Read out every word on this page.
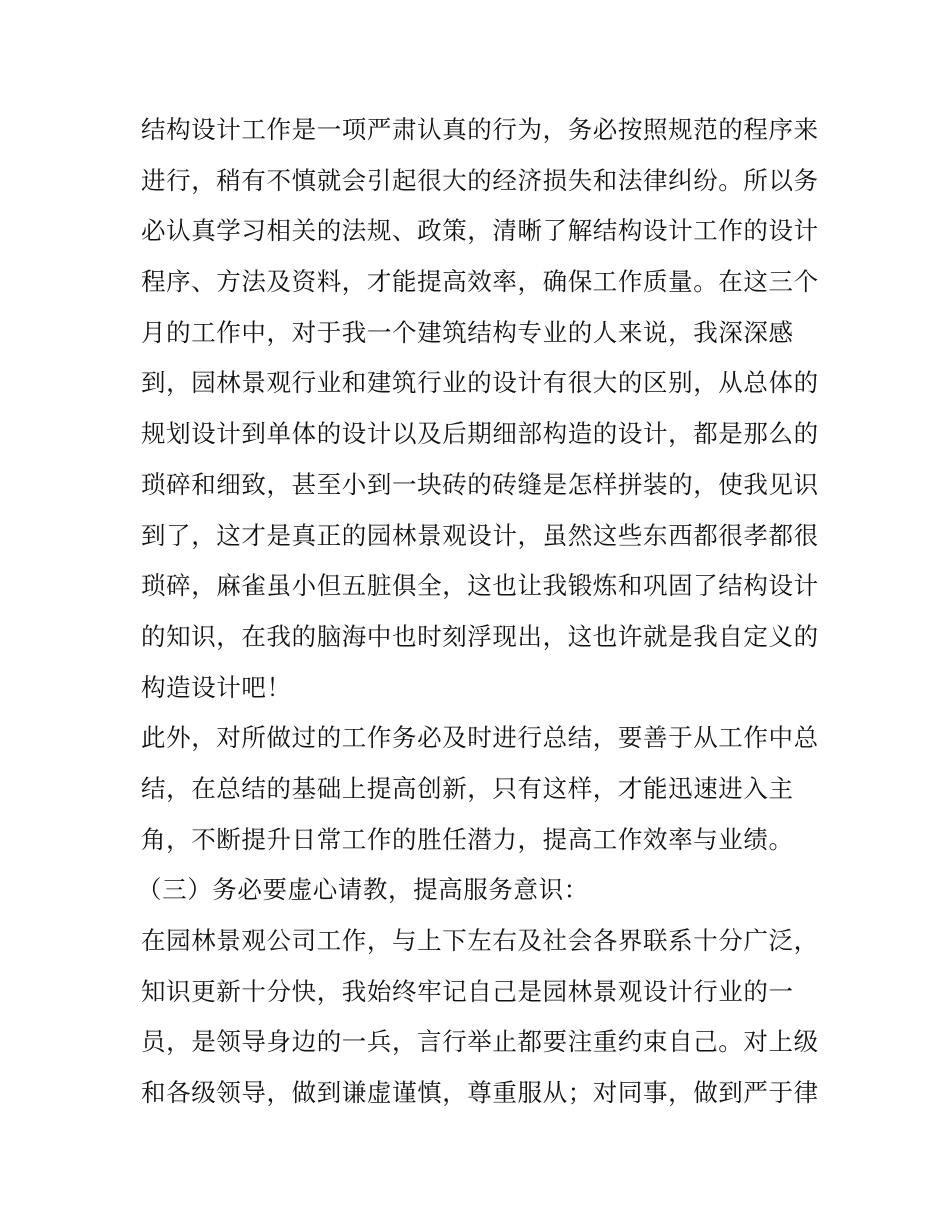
结构设计工作是一项严肃认真的行为，务必按照规范的程序来
进行，稍有不慎就会引起很大的经济损失和法律纠纷。所以务
必认真学习相关的法规、政策，清晰了解结构设计工作的设计
程序、方法及资料，才能提高效率，确保工作质量。在这三个
月的工作中，对于我一个建筑结构专业的人来说，我深深感
到，园林景观行业和建筑行业的设计有很大的区别，从总体的
规划设计到单体的设计以及后期细部构造的设计，都是那么的
琐碎和细致，甚至小到一块砖的砖缝是怎样拼装的，使我见识
到了，这才是真正的园林景观设计，虽然这些东西都很孝都很
琐碎，麻雀虽小但五脏俱全，这也让我锻炼和巩固了结构设计
的知识，在我的脑海中也时刻浮现出，这也许就是我自定义的
构造设计吧！
此外，对所做过的工作务必及时进行总结，要善于从工作中总
结，在总结的基础上提高创新，只有这样，才能迅速进入主
角，不断提升日常工作的胜任潜力，提高工作效率与业绩。
（三）务必要虚心请教，提高服务意识：
在园林景观公司工作，与上下左右及社会各界联系十分广泛，
知识更新十分快，我始终牢记自己是园林景观设计行业的一
员，是领导身边的一兵，言行举止都要注重约束自己。对上级
和各级领导，做到谦虚谨慎，尊重服从；对同事，做到严于律
